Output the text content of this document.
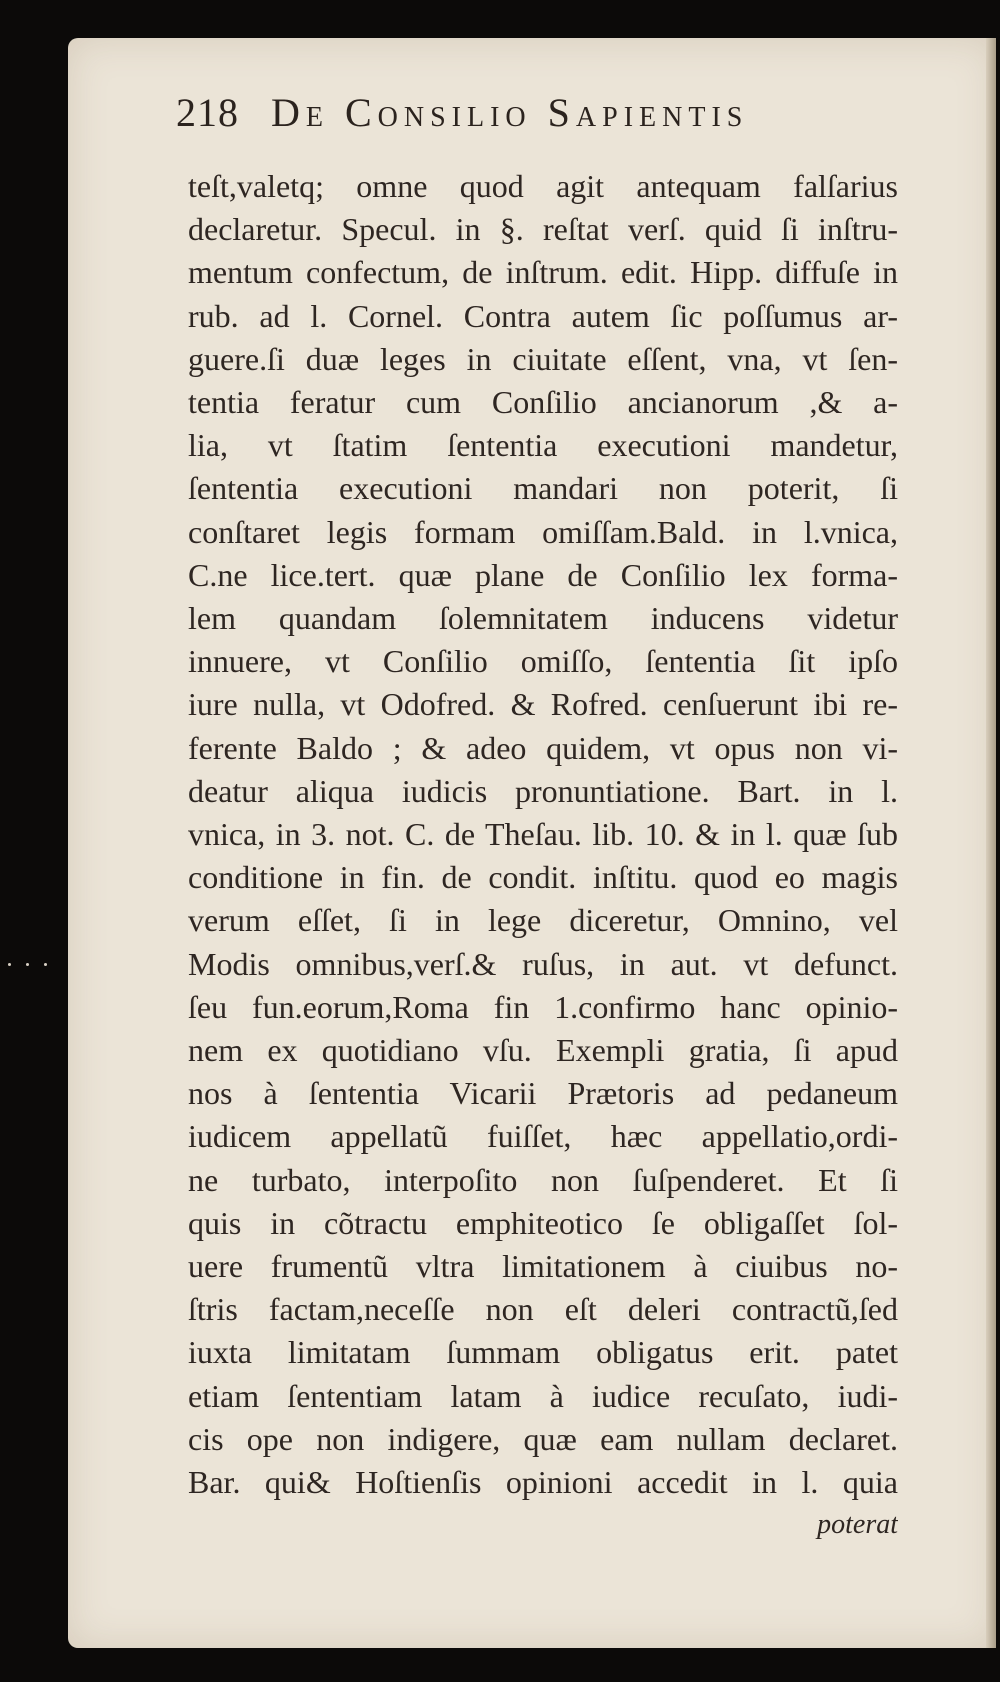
218 De Consilio Sapientis
teſt,valetq; omne quod agit antequam falſarius
declaretur. Specul. in §. reſtat verſ. quid ſi inſtru-
mentum confectum, de inſtrum. edit. Hipp. diffuſe in
rub. ad l. Cornel. Contra autem ſic poſſumus ar-
guere.ſi duæ leges in ciuitate eſſent, vna, vt ſen-
tentia feratur cum Conſilio ancianorum ,& a-
lia, vt ſtatim ſententia executioni mandetur,
ſententia executioni mandari non poterit, ſi
conſtaret legis formam omiſſam.Bald. in l.vnica,
C.ne lice.tert. quæ plane de Conſilio lex forma-
lem quandam ſolemnitatem inducens videtur
innuere, vt Conſilio omiſſo, ſententia ſit ipſo
iure nulla, vt Odofred. & Rofred. cenſuerunt ibi re-
ferente Baldo ; & adeo quidem, vt opus non vi-
deatur aliqua iudicis pronuntiatione. Bart. in l.
vnica, in 3. not. C. de Theſau. lib. 10. & in l. quæ ſub
conditione in fin. de condit. inſtitu. quod eo magis
verum eſſet, ſi in lege diceretur, Omnino, vel
Modis omnibus,verſ.& ruſus, in aut. vt defunct.
ſeu fun.eorum,Roma fin 1.confirmo hanc opinio-
nem ex quotidiano vſu. Exempli gratia, ſi apud
nos à ſententia Vicarii Prætoris ad pedaneum
iudicem appellatũ fuiſſet, hæc appellatio,ordi-
ne turbato, interpoſito non ſuſpenderet. Et ſi
quis in cõtractu emphiteotico ſe obligaſſet ſol-
uere frumentũ vltra limitationem à ciuibus no-
ſtris factam,neceſſe non eſt deleri contractũ,ſed
iuxta limitatam ſummam obligatus erit. patet
etiam ſententiam latam à iudice recuſato, iudi-
cis ope non indigere, quæ eam nullam declaret.
Bar. qui& Hoſtienſis opinioni accedit in l. quia
poterat
